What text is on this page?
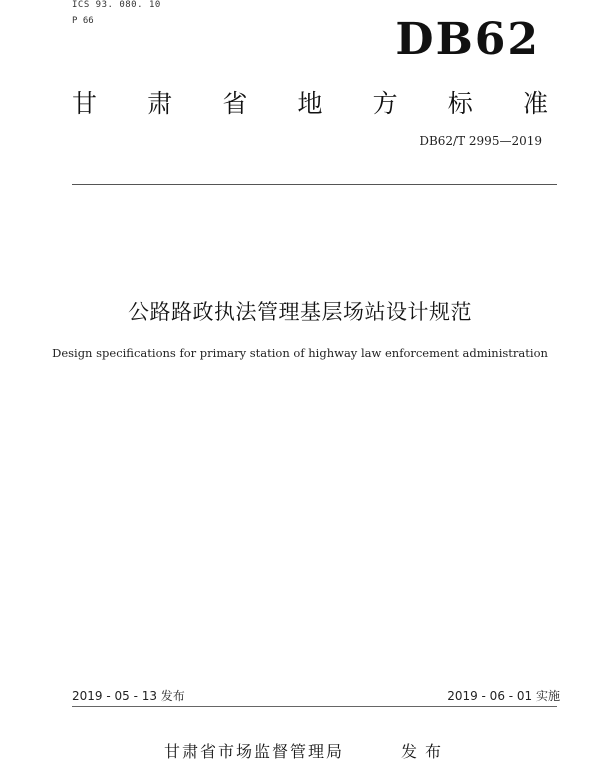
ICS 93. 080. 10
P 66	DB62
甘 肃 省 地 方 标 准
DB62/T 2995—2019
公路路政执法管理基层场站设计规范
Design specifications for primary station of highway law enforcement administration
2019 - 05 - 13 发布	2019 - 06 - 01 实施
甘肃省市场监督管理局	发布
